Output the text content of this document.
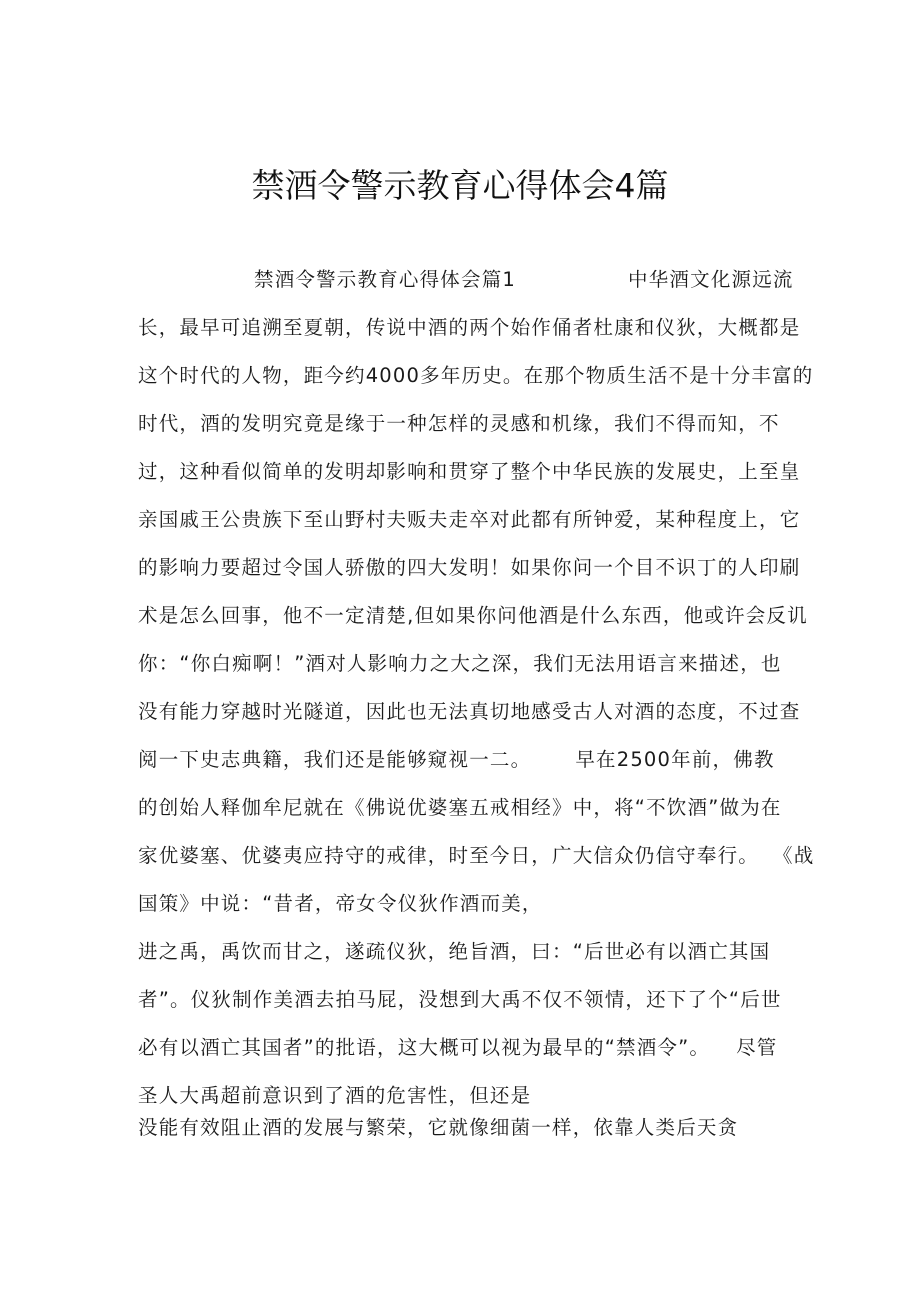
禁酒令警示教育心得体会4篇
禁酒令警示教育心得体会篇1	中华酒文化源远流
长，最早可追溯至夏朝，传说中酒的两个始作俑者杜康和仪狄，大概都是
这个时代的人物，距今约4000多年历史。在那个物质生活不是十分丰富的
时代，酒的发明究竟是缘于一种怎样的灵感和机缘，我们不得而知，不
过，这种看似简单的发明却影响和贯穿了整个中华民族的发展史，上至皇
亲国戚王公贵族下至山野村夫贩夫走卒对此都有所钟爱，某种程度上，它
的影响力要超过令国人骄傲的四大发明！如果你问一个目不识丁的人印刷
术是怎么回事，他不一定清楚,但如果你问他酒是什么东西，他或许会反讥
你：“你白痴啊！”酒对人影响力之大之深，我们无法用语言来描述，也
没有能力穿越时光隧道，因此也无法真切地感受古人对酒的态度，不过查
阅一下史志典籍，我们还是能够窥视一二。 早在2500年前，佛教
的创始人释伽牟尼就在《佛说优婆塞五戒相经》中，将“不饮酒”做为在
家优婆塞、优婆夷应持守的戒律，时至今日，广大信众仍信守奉行。 《战
国策》中说：“昔者，帝女令仪狄作酒而美，
进之禹，禹饮而甘之，遂疏仪狄，绝旨酒，曰：“后世必有以酒亡其国
者”。仪狄制作美酒去拍马屁，没想到大禹不仅不领情，还下了个“后世
必有以酒亡其国者”的批语，这大概可以视为最早的“禁酒令”。 尽管
圣人大禹超前意识到了酒的危害性，但还是
没能有效阻止酒的发展与繁荣，它就像细菌一样，依靠人类后天贪
